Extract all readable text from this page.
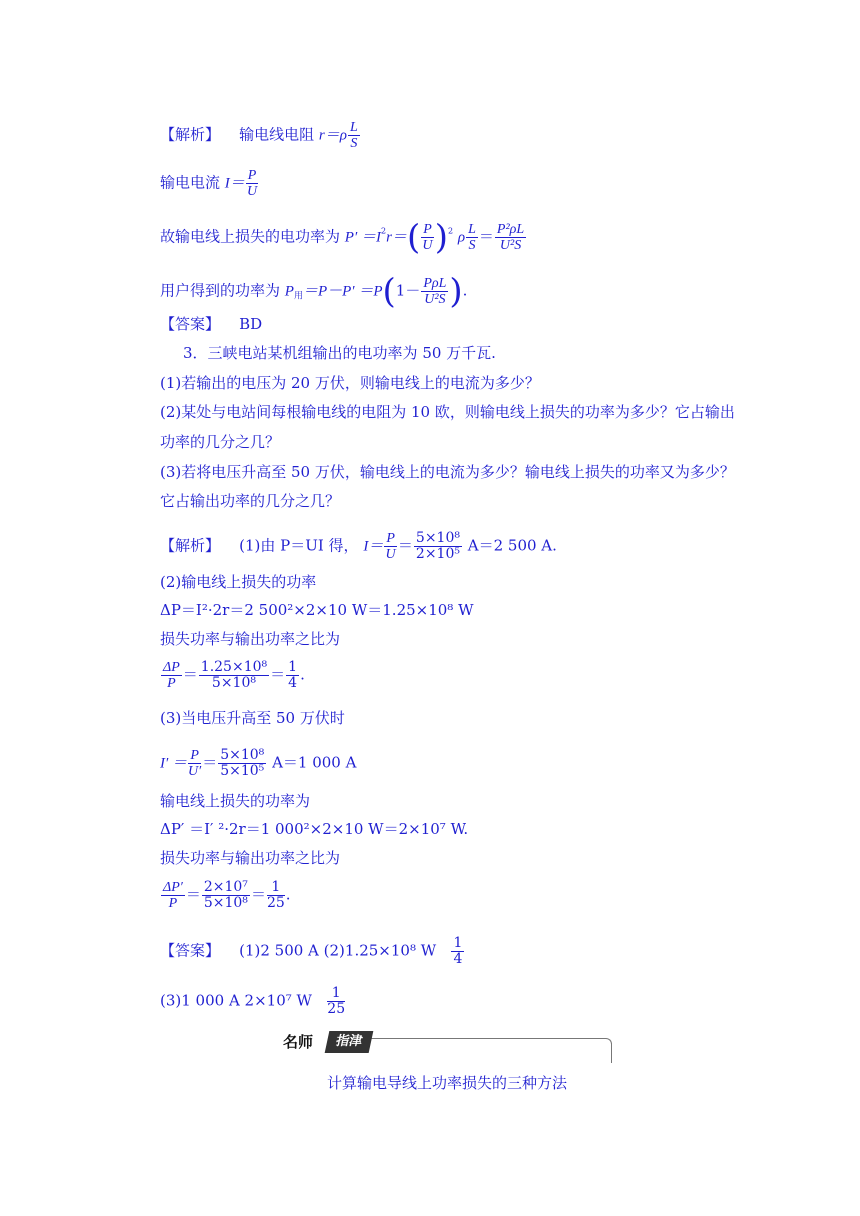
【解析】 输电线电阻 $r=\rho \frac{L}{S}$
输电电流 $I= \frac{P}{U}$
故输电线上损失的电功率为 $P' =I^2r=( \frac{P}{U} )^2$ ρ $\frac{L}{S} = \frac{\text{P²ρL}}{\text{U²S}}$
用户得到的功率为 $P_用=P-P' =P(1- \frac{\text{PρL}}{\text{U²S}}$ ).
【答案】 BD
3．三峡电站某机组输出的电功率为 50 万千瓦.
(1)若输出的电压为 20 万伏，则输电线上的电流为多少？
(2)某处与电站间每根输电线的电阻为 10 欧，则输电线上损失的功率为多少？它占输出
功率的几分之几？
(3)若将电压升高至 50 万伏，输电线上的电流为多少？输电线上损失的功率又为多少？
它占输出功率的几分之几？
【解析】 (1)由 P＝UI 得， $I= \frac{P}{U} = \frac{\text{5×10⁸}}{\text{2×10⁵}} A=2$ 500 A.
(2)输电线上损失的功率
ΔP＝I²·2r＝2 500²×2×10 W＝1.25×10⁸ W
损失功率与输出功率之比为
$\frac{\Delta P}{P} = \frac{\text{1.25×10⁸}}{\text{5×10⁸}} = \frac{1}{4}$ .
(3)当电压升高至 50 万伏时
$I' = \frac{P}{U'} = \frac{\text{5×10⁸}}{\text{5×10⁵}} A=1$ 000 A
输电线上损失的功率为
ΔP′ ＝I′ ²·2r＝1 000²×2×10 W＝2×10⁷ W.
损失功率与输出功率之比为
$\frac{\Delta P'}{P} = \frac{\text{2×10⁷}}{\text{5×10⁸}} = \frac{1}{25}$ .
【答案】 (1)2 500 A (2)1.25×10⁸ W $\frac{1}{4}$
(3)1 000 A 2×10⁷ W $\frac{1}{25}$
名师	指津
计算输电导线上功率损失的三种方法
